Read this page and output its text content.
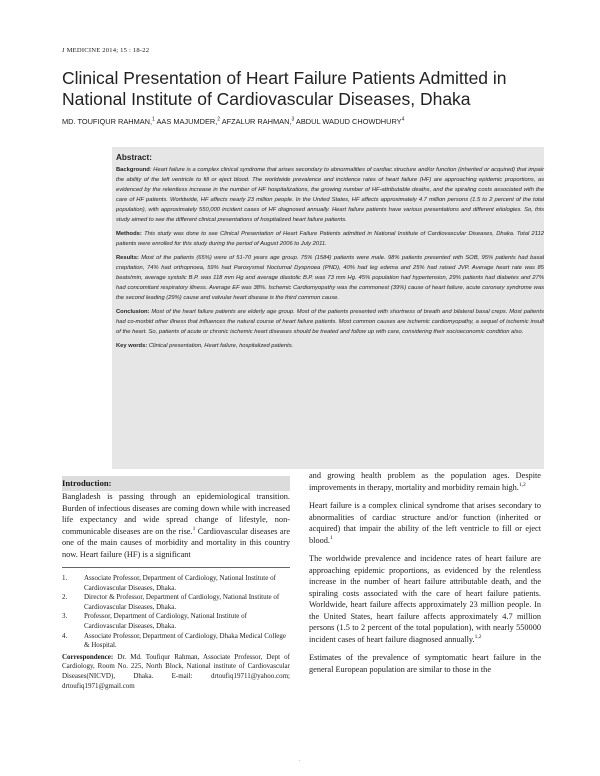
J MEDICINE 2014; 15 : 18-22
Clinical Presentation of Heart Failure Patients Admitted in National Institute of Cardiovascular Diseases, Dhaka
MD. TOUFIQUR RAHMAN,$^1$ AAS MAJUMDER,$^2$ AFZALUR RAHMAN,$^3$ ABDUL WADUD CHOWDHURY$^4$
Abstract:

Background: Heart failure is a complex clinical syndrome that arises secondary to abnormalities of cardiac structure and/or function (inherited or acquired) that impair the ability of the left ventricle to fill or eject blood. The worldwide prevalence and incidence rates of heart failure (HF) are approaching epidemic proportions, as evidenced by the relentless increase in the number of HF hospitalizations, the growing number of HF-attributable deaths, and the spiraling costs associated with the care of HF patients. Worldwide, HF affects nearly 23 million people. In the United States, HF affects approximately 4.7 million persons (1.5 to 2 percent of the total population), with approximately 550,000 incident cases of HF diagnosed annually. Heart failure patients have various presentations and different etiologies. So, this study aimed to see the different clinical presentations of hospitalized heart failure patients.

Methods: This study was done to see Clinical Presentation of Heart Failure Patients admitted in National Institute of Cardiovascular Diseases, Dhaka. Total 2112 patients were enrolled for this study during the period of August 2006 to July 2011.

Results: Most of the patients (65%) were of 51-70 years age group. 75% (1584) patients were male. 98% patients presented with SOB, 95% patients had basal crepitation, 74% had orthopnoea, 59% had Paroxysmal Nocturnal Dyspnoea (PND), 40% had leg edema and 25% had raised JVP. Average heart rate was 85 beats/min, average systolic B.P. was 118 mm Hg and average diastolic B.P. was 73 mm Hg. 45% population had hypertension, 29% patients had diabetes and 27% had concomitant respiratory illness. Average EF was 38%. Ischemic Cardiomyopathy was the commonest (39%) cause of heart failure, acute coronary syndrome was the second leading (29%) cause and valvular heart disease is the third common cause.

Conclusion: Most of the heart failure patients are elderly age group. Most of the patients presented with shortness of breath and bilateral basal creps. Most patients had co-morbid other illness that influences the natural course of heart failure patients. Most common causes are ischemic cardiomyopathy, a sequel of ischemic insult of the heart. So, patients of acute or chronic ischemic heart diseases should be treated and follow up with care, considering their socioeconomic condition also.

Key words: Clinical presentation, Heart failure, hospitalized patients.

Introduction:

Bangladesh is passing through an epidemiological transition. Burden of infectious diseases are coming down while with increased life expectancy and wide spread change of lifestyle, non-communicable diseases are on the rise.$^1$ Cardiovascular diseases are one of the main causes of morbidity and mortality in this country now. Heart failure (HF) is a significant

1.	Associate Professor, Department of Cardiology, National Institute of Cardiovascular Diseases, Dhaka.
2.	Director & Professor, Department of Cardiology, National Institute of Cardiovascular Diseases, Dhaka.
3.	Professor, Department of Cardiology, National Institute of Cardiovascular Diseases, Dhaka.
4.	Associate Professor, Department of Cardiology, Dhaka Medical College & Hospital.
Correspondence: Dr. Md. Toufiqur Rahman, Associate Professor, Dept of Cardiology, Room No. 225, North Block, National institute of Cardiovascular Diseases(NICVD), Dhaka. E-mail: drtoufiq19711@yahoo.com; drtoufiq1971@gmail.com

and growing health problem as the population ages. Despite improvements in therapy, mortality and morbidity remain high.$^{1,2}$

Heart failure is a complex clinical syndrome that arises secondary to abnormalities of cardiac structure and/or function (inherited or acquired) that impair the ability of the left ventricle to fill or eject blood.$^1$

The worldwide prevalence and incidence rates of heart failure are approaching epidemic proportions, as evidenced by the relentless increase in the number of heart failure attributable death, and the spiraling costs associated with the care of heart failure patients. Worldwide, heart failure affects approximately 23 million people. In the United States, heart failure affects approximately 4.7 million persons (1.5 to 2 percent of the total population), with nearly 550000 incident cases of heart failure diagnosed annually.$^{1,2}$

Estimates of the prevalence of symptomatic heart failure in the general European population are similar to those in the

.
